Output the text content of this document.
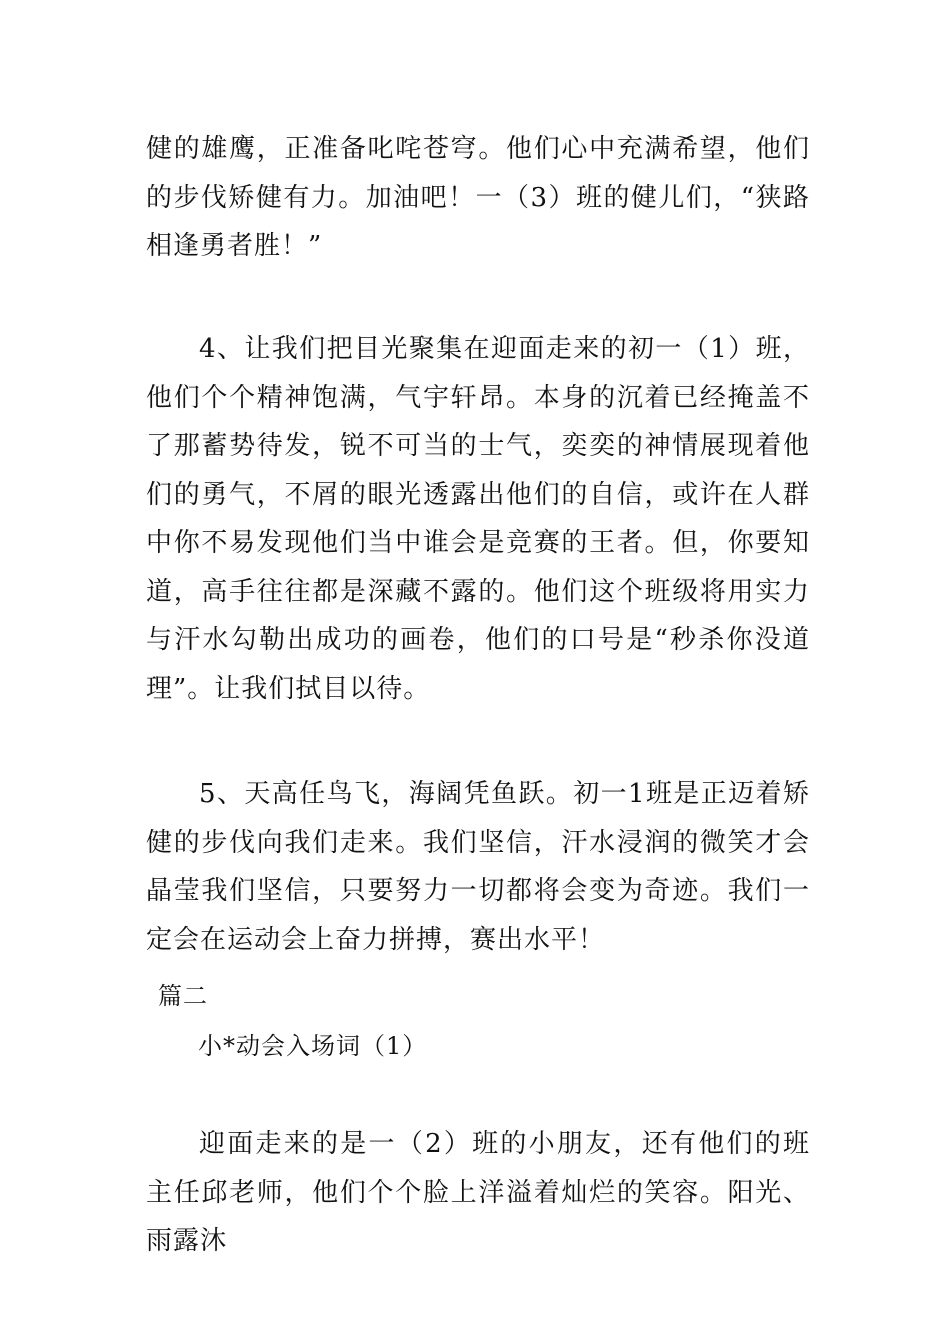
健的雄鹰，正准备叱咤苍穹。他们心中充满希望，他们的步伐矫健有力。加油吧！一（3）班的健儿们，“狭路相逢勇者胜！”

4、让我们把目光聚集在迎面走来的初一（1）班，他们个个精神饱满，气宇轩昂。本身的沉着已经掩盖不了那蓄势待发，锐不可当的士气，奕奕的神情展现着他们的勇气，不屑的眼光透露出他们的自信，或许在人群中你不易发现他们当中谁会是竞赛的王者。但，你要知道，高手往往都是深藏不露的。他们这个班级将用实力与汗水勾勒出成功的画卷，他们的口号是“秒杀你没道理”。让我们拭目以待。

5、天高任鸟飞，海阔凭鱼跃。初一1班是正迈着矫健的步伐向我们走来。我们坚信，汗水浸润的微笑才会晶莹我们坚信，只要努力一切都将会变为奇迹。我们一定会在运动会上奋力拼搏，赛出水平！

篇二

小*动会入场词（1）

迎面走来的是一（2）班的小朋友，还有他们的班主任邱老师，他们个个脸上洋溢着灿烂的笑容。阳光、雨露沐
